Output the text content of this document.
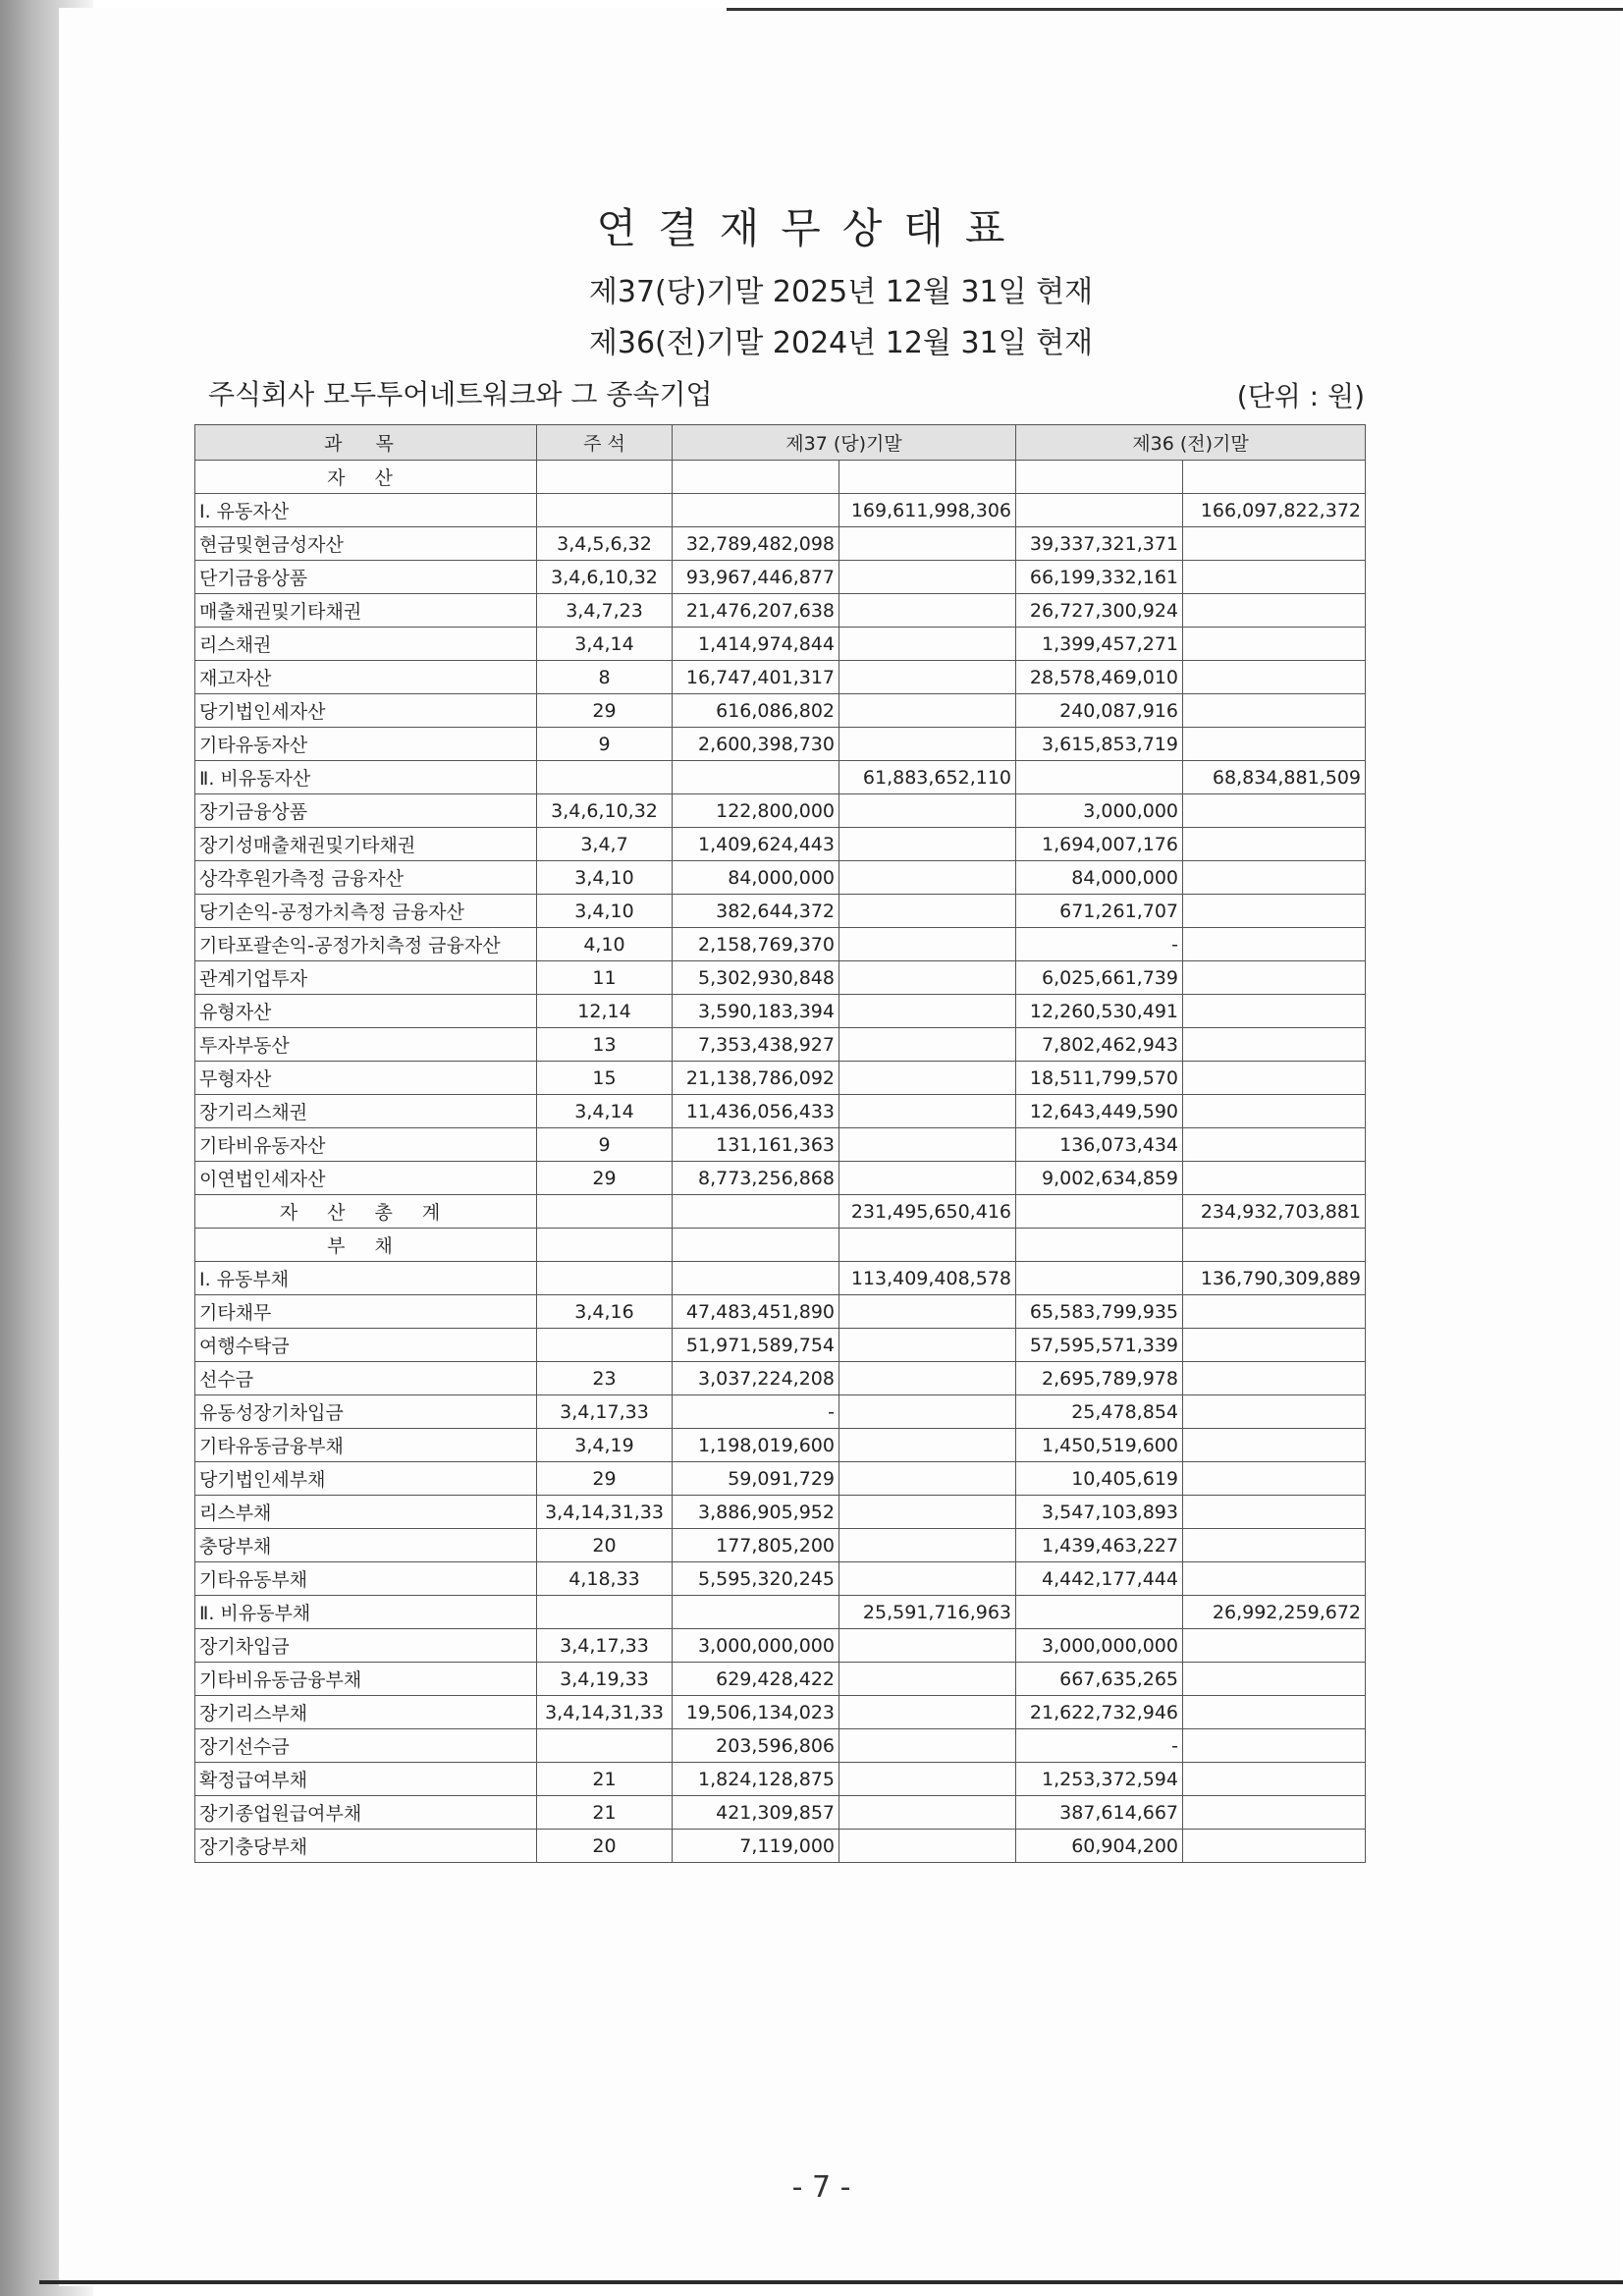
연결재무상태표
제37(당)기말 2025년 12월 31일 현재
제36(전)기말 2024년 12월 31일 현재
주식회사 모두투어네트워크와 그 종속기업	(단위 : 원)
과 목	주 석	제37 (당)기말		제36 (전)기말	
자 산					
Ⅰ. 유동자산			169,611,998,306		166,097,822,372
현금및현금성자산	3,4,5,6,32	32,789,482,098		39,337,321,371	
단기금융상품	3,4,6,10,32	93,967,446,877		66,199,332,161	
매출채권및기타채권	3,4,7,23	21,476,207,638		26,727,300,924	
리스채권	3,4,14	1,414,974,844		1,399,457,271	
재고자산	8	16,747,401,317		28,578,469,010	
당기법인세자산	29	616,086,802		240,087,916	
기타유동자산	9	2,600,398,730		3,615,853,719	
Ⅱ. 비유동자산			61,883,652,110		68,834,881,509
장기금융상품	3,4,6,10,32	122,800,000		3,000,000	
장기성매출채권및기타채권	3,4,7	1,409,624,443		1,694,007,176	
상각후원가측정 금융자산	3,4,10	84,000,000		84,000,000	
당기손익-공정가치측정 금융자산	3,4,10	382,644,372		671,261,707	
기타포괄손익-공정가치측정 금융자산	4,10	2,158,769,370		-	
관계기업투자	11	5,302,930,848		6,025,661,739	
유형자산	12,14	3,590,183,394		12,260,530,491	
투자부동산	13	7,353,438,927		7,802,462,943	
무형자산	15	21,138,786,092		18,511,799,570	
장기리스채권	3,4,14	11,436,056,433		12,643,449,590	
기타비유동자산	9	131,161,363		136,073,434	
이연법인세자산	29	8,773,256,868		9,002,634,859	
자 산 총 계			231,495,650,416		234,932,703,881
부 채					
Ⅰ. 유동부채			113,409,408,578		136,790,309,889
기타채무	3,4,16	47,483,451,890		65,583,799,935	
여행수탁금		51,971,589,754		57,595,571,339	
선수금	23	3,037,224,208		2,695,789,978	
유동성장기차입금	3,4,17,33	-		25,478,854	
기타유동금융부채	3,4,19	1,198,019,600		1,450,519,600	
당기법인세부채	29	59,091,729		10,405,619	
리스부채	3,4,14,31,33	3,886,905,952		3,547,103,893	
충당부채	20	177,805,200		1,439,463,227	
기타유동부채	4,18,33	5,595,320,245		4,442,177,444	
Ⅱ. 비유동부채			25,591,716,963		26,992,259,672
장기차입금	3,4,17,33	3,000,000,000		3,000,000,000	
기타비유동금융부채	3,4,19,33	629,428,422		667,635,265	
장기리스부채	3,4,14,31,33	19,506,134,023		21,622,732,946	
장기선수금		203,596,806		-	
확정급여부채	21	1,824,128,875		1,253,372,594	
장기종업원급여부채	21	421,309,857		387,614,667	
장기충당부채	20	7,119,000		60,904,200	
- 7 -
